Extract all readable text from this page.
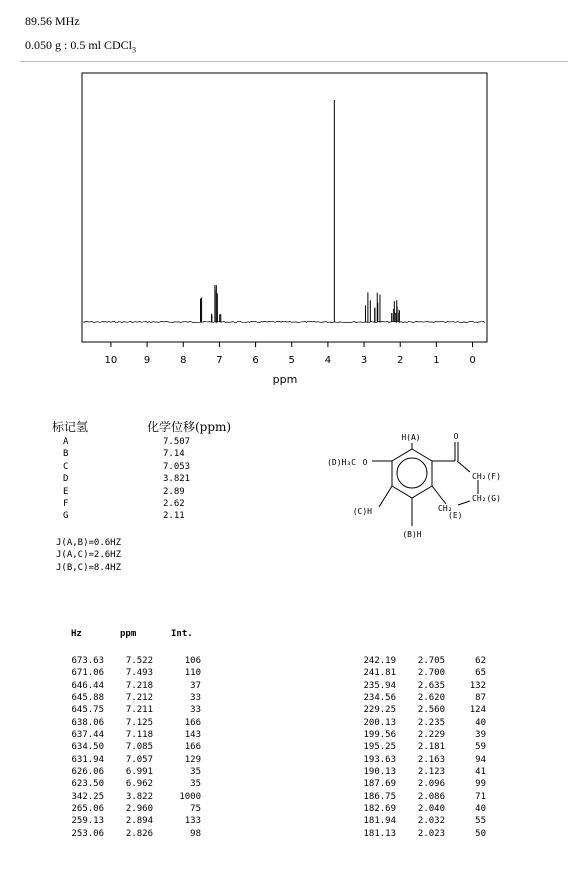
89.56 MHz
0.050 g : 0.5 ml CDCl$_3$
10	9	8	7	6	5	4	3	2	1	0
ppm
标记氢	化学位移(ppm)
A	7.507
B	7.14
C	7.053
D	3.821
E	2.89
F	2.62
G	2.11
H(A)	O
(D)H₃C O
CH₂(F)
CH₂(G)
CH₂
(E)
(C)H
(B)H
J(A,B)=0.6HZ
J(A,C)=2.6HZ
J(B,C)=8.4HZ
Hz	ppm	Int.
673.63	7.522	106
671.06	7.493	110
646.44	7.218	37
645.88	7.212	33
645.75	7.211	33
638.06	7.125	166
637.44	7.118	143
634.50	7.085	166
631.94	7.057	129
626.06	6.991	35
623.50	6.962	35
342.25	3.822	1000
265.06	2.960	75
259.13	2.894	133
253.06	2.826	98
242.19	2.705	62
241.81	2.700	65
235.94	2.635	132
234.56	2.620	87
229.25	2.560	124
200.13	2.235	40
199.56	2.229	39
195.25	2.181	59
193.63	2.163	94
190.13	2.123	41
187.69	2.096	99
186.75	2.086	71
182.69	2.040	40
181.94	2.032	55
181.13	2.023	50
